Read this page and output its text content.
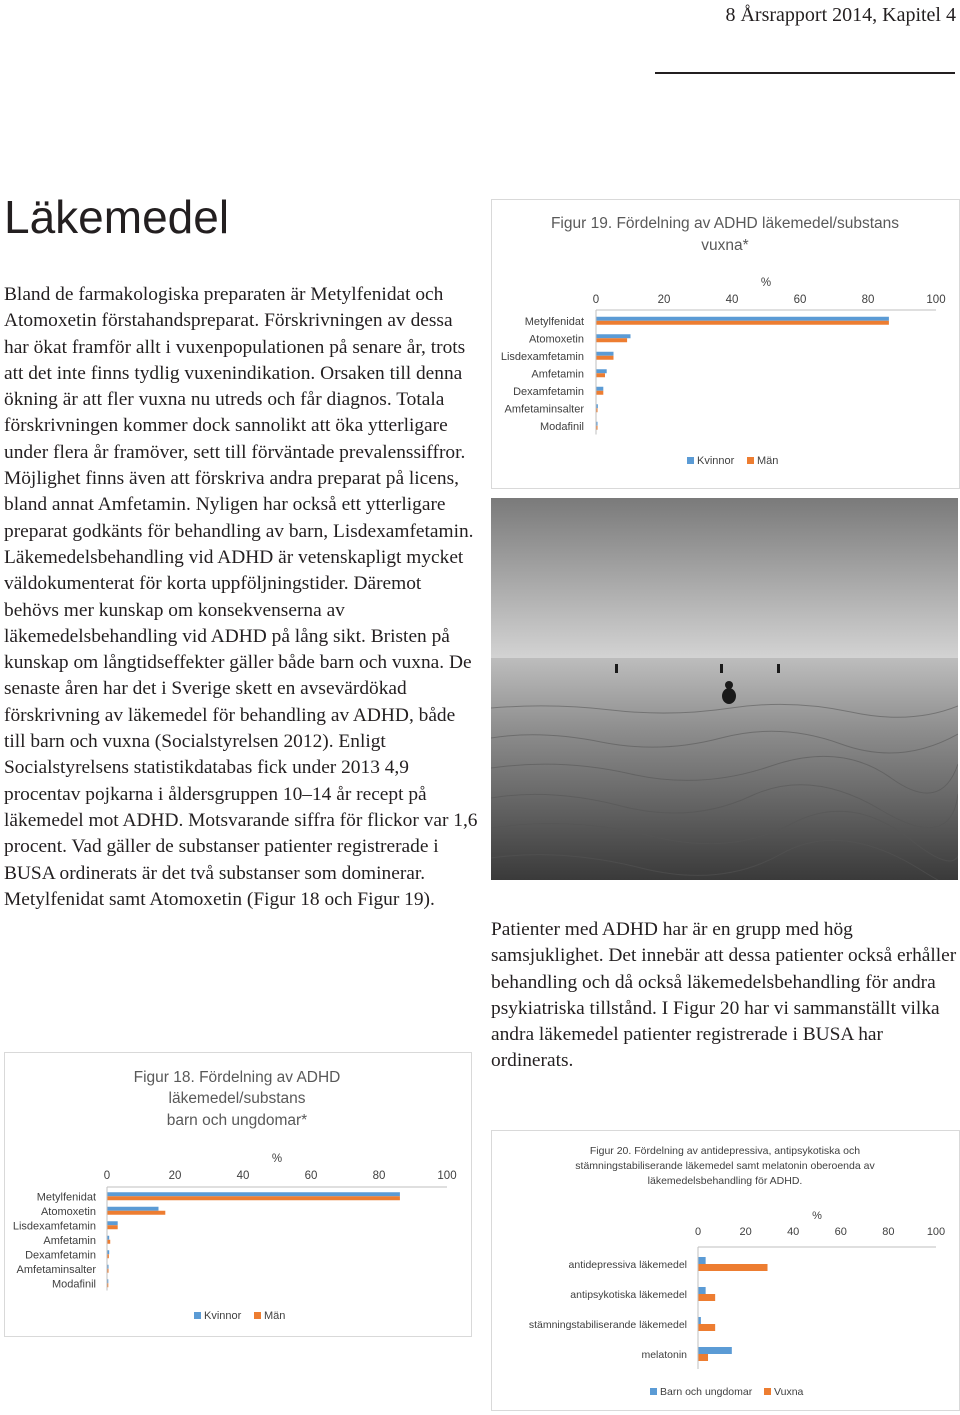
8 Årsrapport 2014, Kapitel 4
Läkemedel

Bland de farmakologiska preparaten är Metylfenidat och Atomoxetin förstahandspreparat. Förskrivningen av dessa har ökat framför allt i vuxenpopulationen på senare år, trots att det inte finns tydlig vuxenindikation. Orsaken till denna ökning är att fler vuxna nu utreds och får diagnos. Totala förskrivningen kommer dock sannolikt att öka ytterligare under flera år framöver, sett till förväntade prevalenssiffror. Möjlighet finns även att förskriva andra preparat på licens, bland annat Amfetamin. Nyligen har också ett ytterligare preparat godkänts för behandling av barn, Lisdexamfetamin. Läkemedelsbehandling vid ADHD är vetenskapligt mycket väldokumenterat för korta uppföljningstider. Däremot behövs mer kunskap om konsekvenserna av läkemedelsbehandling vid ADHD på lång sikt. Bristen på kunskap om långtidseffekter gäller både barn och vuxna. De senaste åren har det i Sverige skett en avsevärdökad förskrivning av läkemedel för behandling av ADHD, både till barn och vuxna (Socialstyrelsen 2012). Enligt Socialstyrelsens statistikdatabas fick under 2013 4,9 procentav pojkarna i åldersgruppen 10–14 år recept på läkemedel mot ADHD. Motsvarande siffra för flickor var 1,6 procent. Vad gäller de substanser patienter registrerade i BUSA ordinerats är det två substanser som dominerar. Metylfenidat samt Atomoxetin (Figur 18 och Figur 19).

Figur 19. Fördelning av ADHD läkemedel/substans
vuxna*
%
0	20	40	60	80	100
Metylfenidat
Atomoxetin
Lisdexamfetamin
Amfetamin
Dexamfetamin
Amfetaminsalter
Modafinil
Kvinnor Män

Patienter med ADHD har är en grupp med hög samsjuklighet. Det innebär att dessa patienter också erhåller behandling och då också läkemedelsbehandling för andra psykiatriska tillstånd. I Figur 20 har vi sammanställt vilka andra läkemedel patienter registrerade i BUSA har ordinerats.

Figur 18. Fördelning av ADHD
läkemedel/substans
barn och ungdomar*
%
0	20	40	60	80	100
Metylfenidat
Atomoxetin
Lisdexamfetamin
Amfetamin
Dexamfetamin
Amfetaminsalter
Modafinil
Kvinnor Män
Figur 20. Fördelning av antidepressiva, antipsykotiska och
stämningstabiliserande läkemedel samt melatonin oberoenda av
läkemedelsbehandling för ADHD.
%
0	20	40	60	80	100
antidepressiva läkemedel
antipsykotiska läkemedel
stämningstabiliserande läkemedel
melatonin
Barn och ungdomar Vuxna
